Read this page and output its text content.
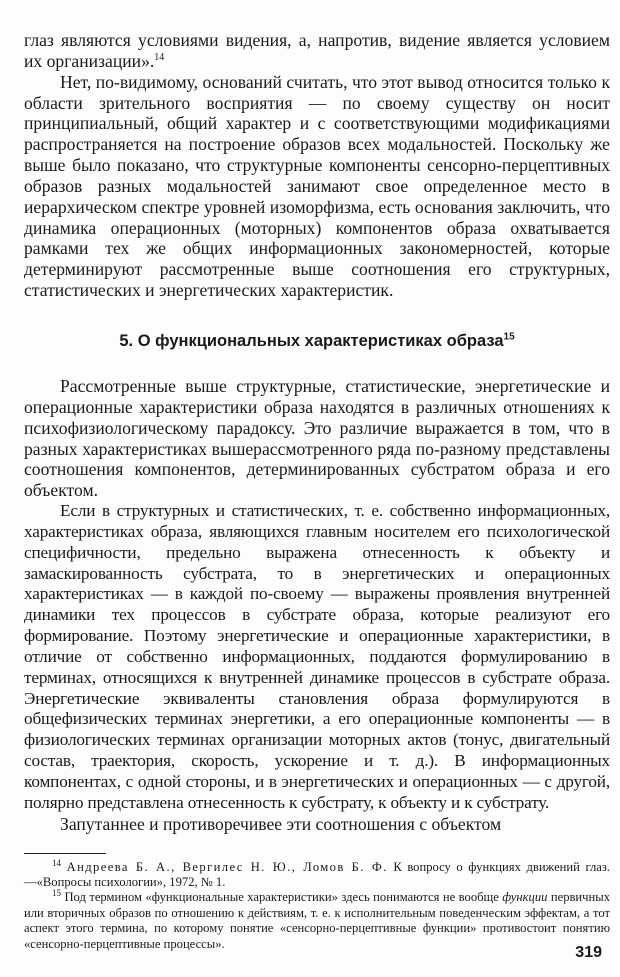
глаз являются условиями видения, а, напротив, видение является условием их организации».$^{14}$

Нет, по-видимому, оснований считать, что этот вывод относится только к области зрительного восприятия — по своему существу он носит принципиальный, общий характер и с соответствующими модификациями распространяется на построение образов всех модальностей. Поскольку же выше было показано, что структурные компоненты сенсорно-перцептивных образов разных модальностей занимают свое определенное место в иерархическом спектре уровней изоморфизма, есть основания заключить, что динамика операционных (моторных) компонентов образа охватывается рамками тех же общих информационных закономерностей, которые детерминируют рассмотренные выше соотношения его структурных, статистических и энергетических характеристик.

5. О функциональных характеристиках образа$^{15}$

Рассмотренные выше структурные, статистические, энергетические и операционные характеристики образа находятся в различных отношениях к психофизиологическому парадоксу. Это различие выражается в том, что в разных характеристиках вышерассмотренного ряда по-разному представлены соотношения компонентов, детерминированных субстратом образа и его объектом.

Если в структурных и статистических, т. е. собственно информационных, характеристиках образа, являющихся главным носителем его психологической специфичности, предельно выражена отнесенность к объекту и замаскированность субстрата, то в энергетических и операционных характеристиках — в каждой по-своему — выражены проявления внутренней динамики тех процессов в субстрате образа, которые реализуют его формирование. Поэтому энергетические и операционные характеристики, в отличие от собственно информационных, поддаются формулированию в терминах, относящихся к внутренней динамике процессов в субстрате образа. Энергетические эквиваленты становления образа формулируются в общефизических терминах энергетики, а его операционные компоненты — в физиологических терминах организации моторных актов (тонус, двигательный состав, траектория, скорость, ускорение и т. д.). В информационных компонентах, с одной стороны, и в энергетических и операционных — с другой, полярно представлена отнесенность к субстрату, к объекту и к субстрату.

Запутаннее и противоречивее эти соотношения с объектом

$^{14}$ Андреева Б. А., Вергилес Н. Ю., Ломов Б. Ф. К вопросу о функциях движений глаз.—«Вопросы психологии», 1972, № 1.

$^{15}$ Под термином «функциональные характеристики» здесь понимаются не вообще функции первичных или вторичных образов по отношению к действиям, т. е. к исполнительным поведенческим эффектам, а тот аспект этого термина, по которому понятие «сенсорно-перцептивные функции» противостоит понятию «сенсорно-перцептивные процессы».

319
